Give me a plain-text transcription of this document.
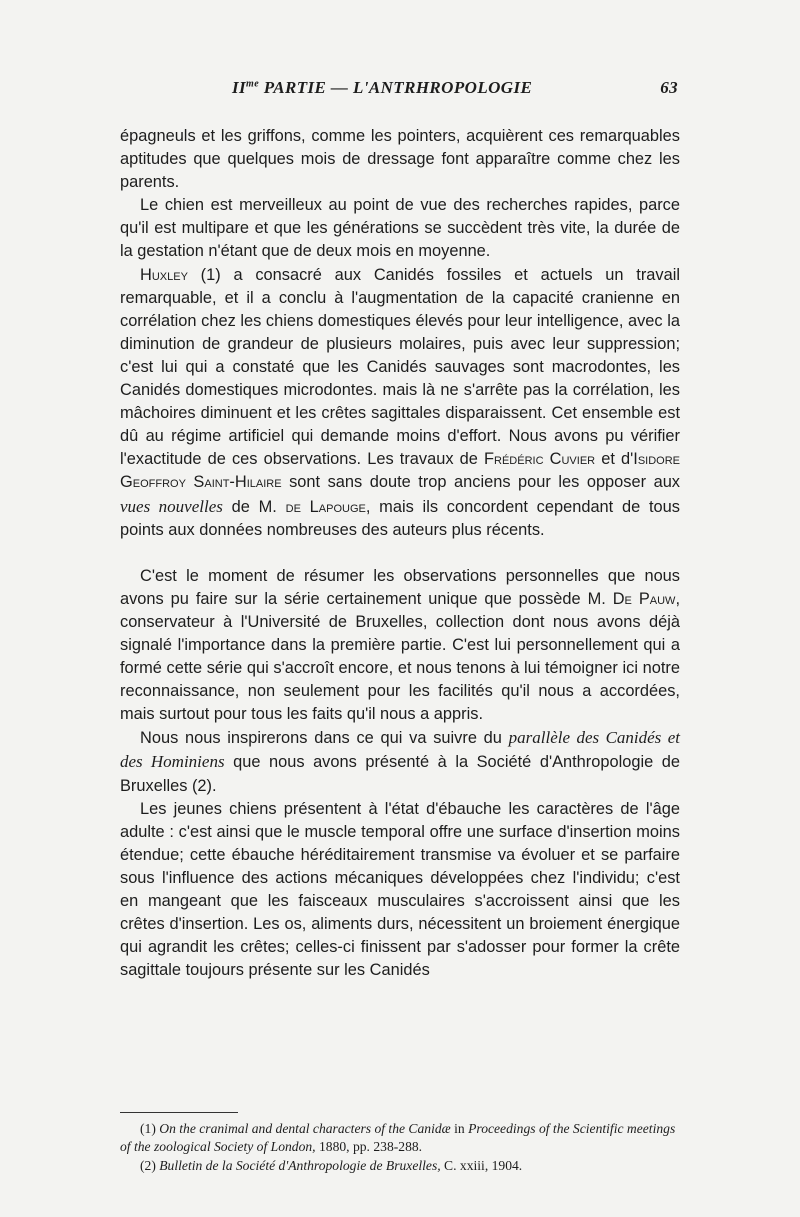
$II^{me}$ PARTIE — L'ANTRHROPOLOGIE	63

épagneuls et les griffons, comme les pointers, acquièrent ces remarquables aptitudes que quelques mois de dressage font apparaître comme chez les parents.

Le chien est merveilleux au point de vue des recherches rapides, parce qu'il est multipare et que les générations se succèdent très vite, la durée de la gestation n'étant que de deux mois en moyenne.

Huxley (1) a consacré aux Canidés fossiles et actuels un travail remarquable, et il a conclu à l'augmentation de la capacité cranienne en corrélation chez les chiens domestiques élevés pour leur intelligence, avec la diminution de grandeur de plusieurs molaires, puis avec leur suppression; c'est lui qui a constaté que les Canidés sauvages sont macrodontes, les Canidés domestiques microdontes. mais là ne s'arrête pas la corrélation, les mâchoires diminuent et les crêtes sagittales disparaissent. Cet ensemble est dû au régime artificiel qui demande moins d'effort. Nous avons pu vérifier l'exactitude de ces observations. Les travaux de Frédéric Cuvier et d'Isidore Geoffroy Saint-Hilaire sont sans doute trop anciens pour les opposer aux vues nouvelles de M. de Lapouge, mais ils concordent cependant de tous points aux données nombreuses des auteurs plus récents.

C'est le moment de résumer les observations personnelles que nous avons pu faire sur la série certainement unique que possède M. De Pauw, conservateur à l'Université de Bruxelles, collection dont nous avons déjà signalé l'importance dans la première partie. C'est lui personnellement qui a formé cette série qui s'accroît encore, et nous tenons à lui témoigner ici notre reconnaissance, non seulement pour les facilités qu'il nous a accordées, mais surtout pour tous les faits qu'il nous a appris.

Nous nous inspirerons dans ce qui va suivre du parallèle des Canidés et des Hominiens que nous avons présenté à la Société d'Anthropologie de Bruxelles (2).

Les jeunes chiens présentent à l'état d'ébauche les caractères de l'âge adulte : c'est ainsi que le muscle temporal offre une surface d'insertion moins étendue; cette ébauche héréditairement transmise va évoluer et se parfaire sous l'influence des actions mécaniques développées chez l'individu; c'est en mangeant que les faisceaux musculaires s'accroissent ainsi que les crêtes d'insertion. Les os, aliments durs, nécessitent un broiement énergique qui agrandit les crêtes; celles-ci finissent par s'adosser pour former la crête sagittale toujours présente sur les Canidés

(1) On the cranimal and dental characters of the Canidæ in Proceedings of the Scientific meetings of the zoological Society of London, 1880, pp. 238-288.

(2) Bulletin de la Société d'Anthropologie de Bruxelles, C. xxiii, 1904.
